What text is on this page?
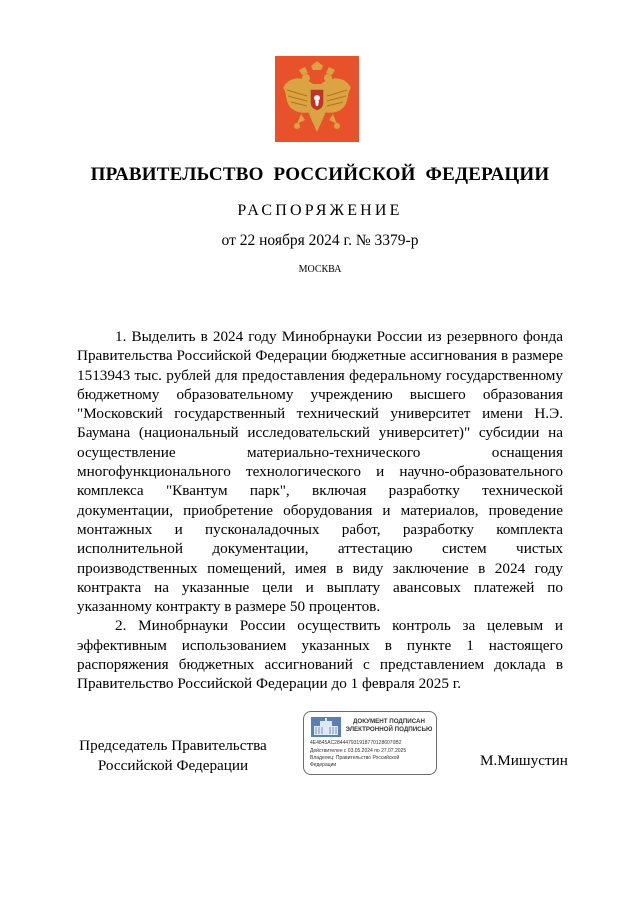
ПРАВИТЕЛЬСТВО РОССИЙСКОЙ ФЕДЕРАЦИИ
РАСПОРЯЖЕНИЕ
от 22 ноября 2024 г. № 3379-р
МОСКВА

1. Выделить в 2024 году Минобрнауки России из резервного фонда Правительства Российской Федерации бюджетные ассигнования в размере 1513943 тыс. рублей для предоставления федеральному государственному бюджетному образовательному учреждению высшего образования "Московский государственный технический университет имени Н.Э. Баумана (национальный исследовательский университет)" субсидии на осуществление материально-технического оснащения многофункционального технологического и научно-образовательного комплекса "Квантум парк", включая разработку технической документации, приобретение оборудования и материалов, проведение монтажных и пусконаладочных работ, разработку комплекта исполнительной документации, аттестацию систем чистых производственных помещений, имея в виду заключение в 2024 году контракта на указанные цели и выплату авансовых платежей по указанному контракту в размере 50 процентов.

2. Минобрнауки России осуществить контроль за целевым и эффективным использованием указанных в пункте 1 настоящего распоряжения бюджетных ассигнований с представлением доклада в Правительство Российской Федерации до 1 февраля 2025 г.

Председатель Правительства
Российской Федерации
ДОКУМЕНТ ПОДПИСАН
ЭЛЕКТРОННОЙ ПОДПИСЬЮ
4E4845AC2844479319187701286070B2
Действителен с 03.05.2024 по 27.07.2025
Владелец: Правительство Российской
Федерации	М.Мишустин
